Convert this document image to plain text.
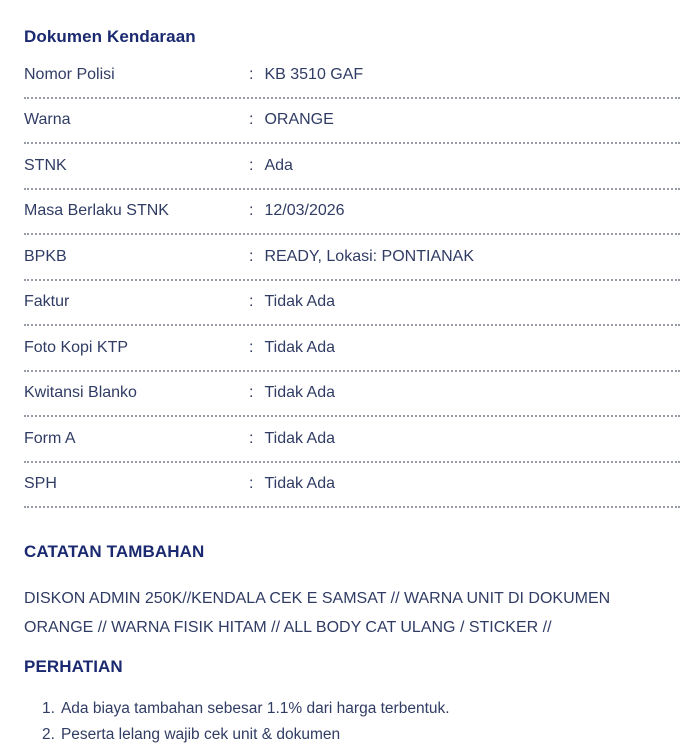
Dokumen Kendaraan
Nomor Polisi	: KB 3510 GAF
Warna	: ORANGE
STNK	: Ada
Masa Berlaku STNK	: 12/03/2026
BPKB	: READY, Lokasi: PONTIANAK
Faktur	: Tidak Ada
Foto Kopi KTP	: Tidak Ada
Kwitansi Blanko	: Tidak Ada
Form A	: Tidak Ada
SPH	: Tidak Ada
CATATAN TAMBAHAN
DISKON ADMIN 250K//KENDALA CEK E SAMSAT // WARNA UNIT DI DOKUMEN
ORANGE // WARNA FISIK HITAM // ALL BODY CAT ULANG / STICKER //
PERHATIAN
1. Ada biaya tambahan sebesar 1.1% dari harga terbentuk.
2. Peserta lelang wajib cek unit & dokumen
